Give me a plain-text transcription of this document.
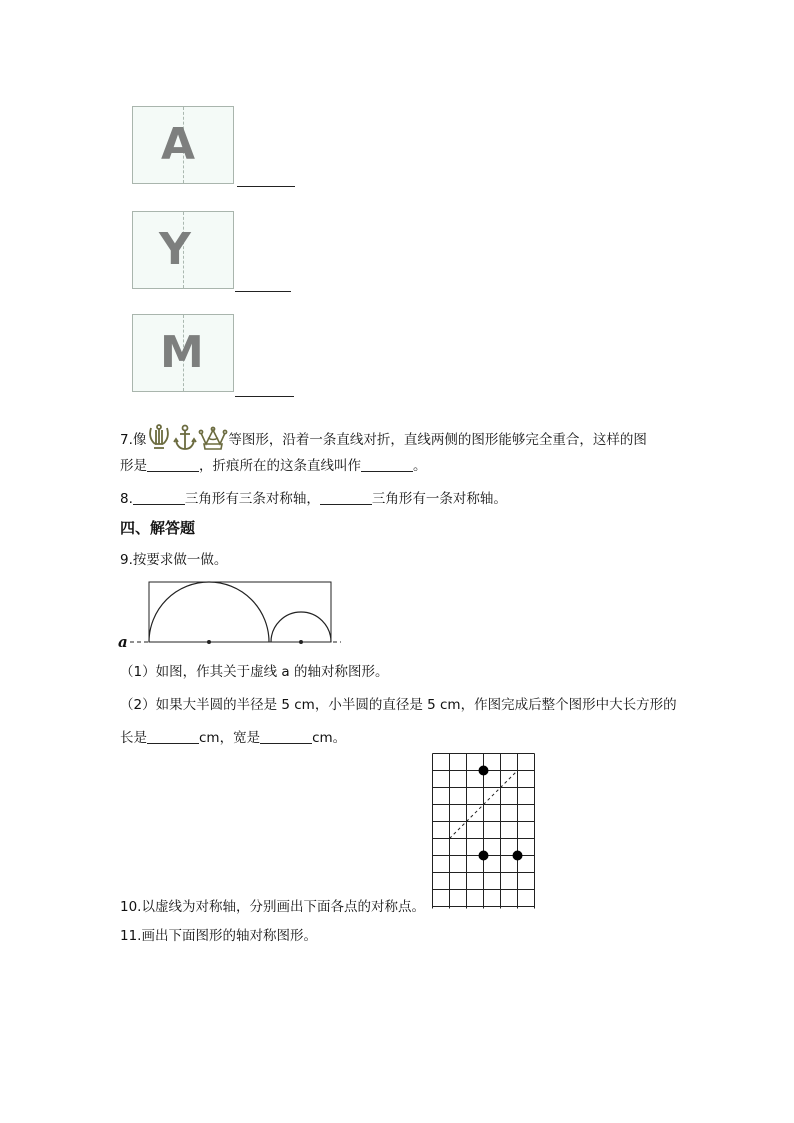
A
Y
M
7.像	等图形，沿着一条直线对折，直线两侧的图形能够完全重合，这样的图
形是	，折痕所在的这条直线叫作	。
8.	三角形有三条对称轴，	三角形有一条对称轴。
四、解答题
9.按要求做一做。
a
（1）如图，作其关于虚线 a 的轴对称图形。
（2）如果大半圆的半径是 5 cm，小半圆的直径是 5 cm，作图完成后整个图形中大长方形的
长是	cm，宽是	cm。
10.以虚线为对称轴，分别画出下面各点的对称点。
11.画出下面图形的轴对称图形。
